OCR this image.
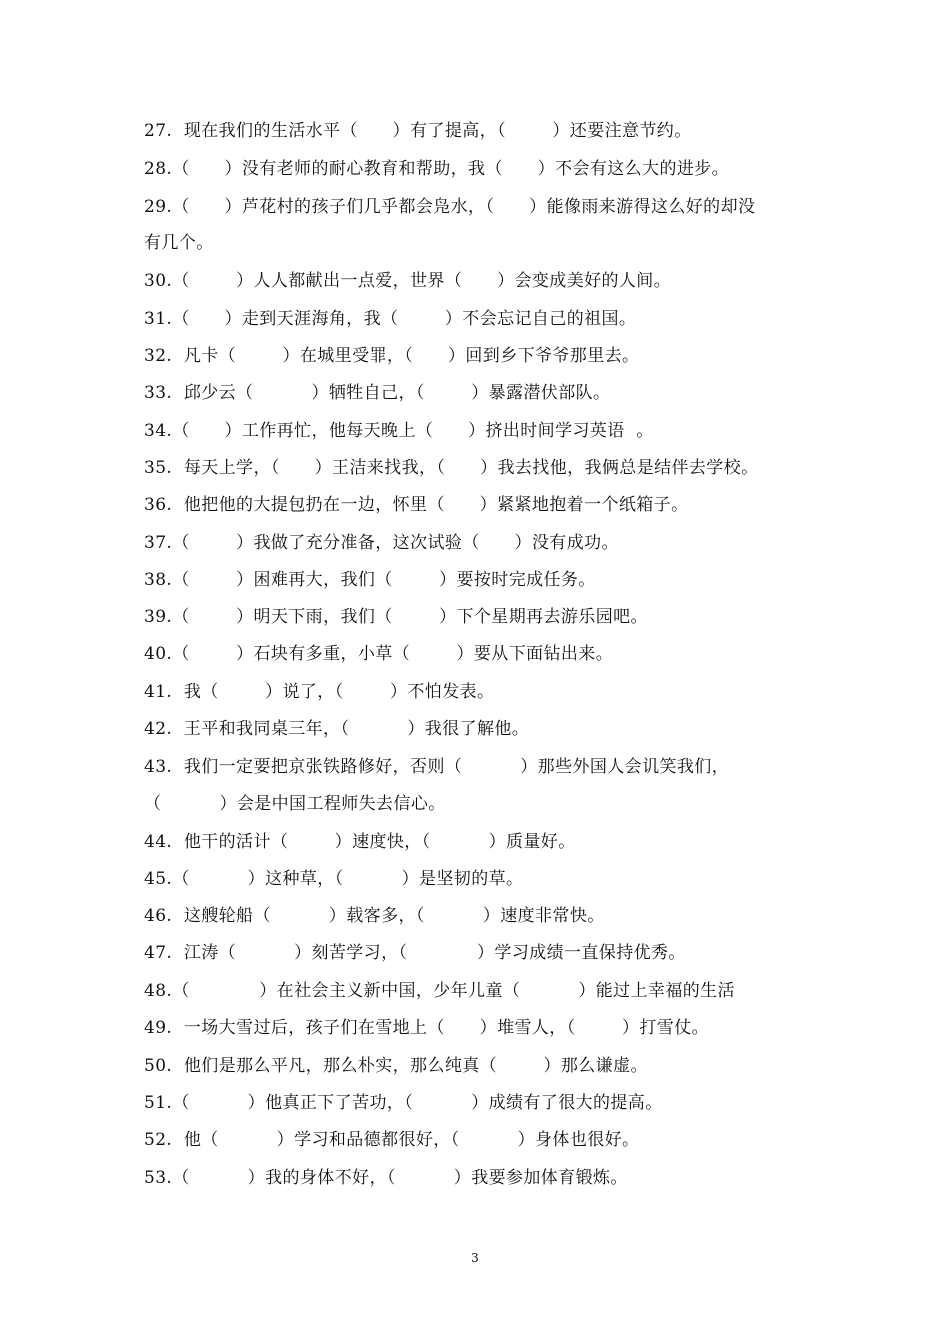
27.  现在我们的生活水平（      ）有了提高，（        ）还要注意节约。
28.（      ）没有老师的耐心教育和帮助，我（      ）不会有这么大的进步。
29.（      ）芦花村的孩子们几乎都会凫水，（      ）能像雨来游得这么好的却没
有几个。
30.（        ）人人都献出一点爱，世界（      ）会变成美好的人间。
31.（      ）走到天涯海角，我（        ）不会忘记自己的祖国。
32.  凡卡（        ）在城里受罪，（      ）回到乡下爷爷那里去。
33.  邱少云（          ）牺牲自己，（        ）暴露潜伏部队。
34.（      ）工作再忙，他每天晚上（      ）挤出时间学习英语  。
35.  每天上学，（      ）王洁来找我，（      ）我去找他，我俩总是结伴去学校。
36.  他把他的大提包扔在一边，怀里（      ）紧紧地抱着一个纸箱子。
37.（        ）我做了充分准备，这次试验（      ）没有成功。
38.（        ）困难再大，我们（        ）要按时完成任务。
39.（        ）明天下雨，我们（        ）下个星期再去游乐园吧。
40.（        ）石块有多重，小草（        ）要从下面钻出来。
41.  我（        ）说了，（        ）不怕发表。
42.  王平和我同桌三年，（          ）我很了解他。
43.  我们一定要把京张铁路修好，否则（          ）那些外国人会讥笑我们，
（          ）会是中国工程师失去信心。
44.  他干的活计（        ）速度快，（          ）质量好。
45.（          ）这种草，（          ）是坚韧的草。
46.  这艘轮船（          ）载客多，（          ）速度非常快。
47.  江涛（          ）刻苦学习，（            ）学习成绩一直保持优秀。
48.（            ）在社会主义新中国，少年儿童（          ）能过上幸福的生活
49.  一场大雪过后，孩子们在雪地上（      ）堆雪人，（        ）打雪仗。
50.  他们是那么平凡，那么朴实，那么纯真（        ）那么谦虚。
51.（          ）他真正下了苦功，（          ）成绩有了很大的提高。
52.  他（          ）学习和品德都很好，（          ）身体也很好。
53.（          ）我的身体不好，（          ）我要参加体育锻炼。
3
